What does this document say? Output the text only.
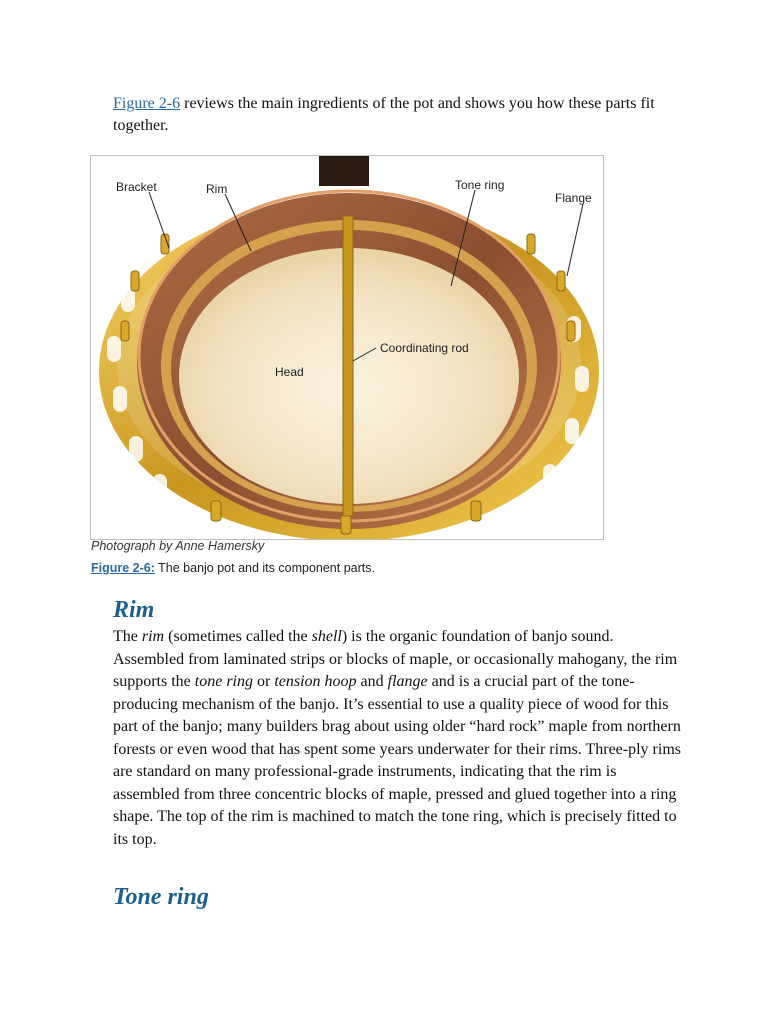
Figure 2-6 reviews the main ingredients of the pot and shows you how these parts fit together.

Bracket	Rim	Tone ring
Flange
Coordinating rod
Head
Photograph by Anne Hamersky
Figure 2-6: The banjo pot and its component parts.
Rim

The rim (sometimes called the shell) is the organic foundation of banjo sound. Assembled from laminated strips or blocks of maple, or occasionally mahogany, the rim supports the tone ring or tension hoop and flange and is a crucial part of the tone-producing mechanism of the banjo. It’s essential to use a quality piece of wood for this part of the banjo; many builders brag about using older “hard rock” maple from northern forests or even wood that has spent some years underwater for their rims. Three-ply rims are standard on many professional-grade instruments, indicating that the rim is assembled from three concentric blocks of maple, pressed and glued together into a ring shape. The top of the rim is machined to match the tone ring, which is precisely fitted to its top.

Tone ring
